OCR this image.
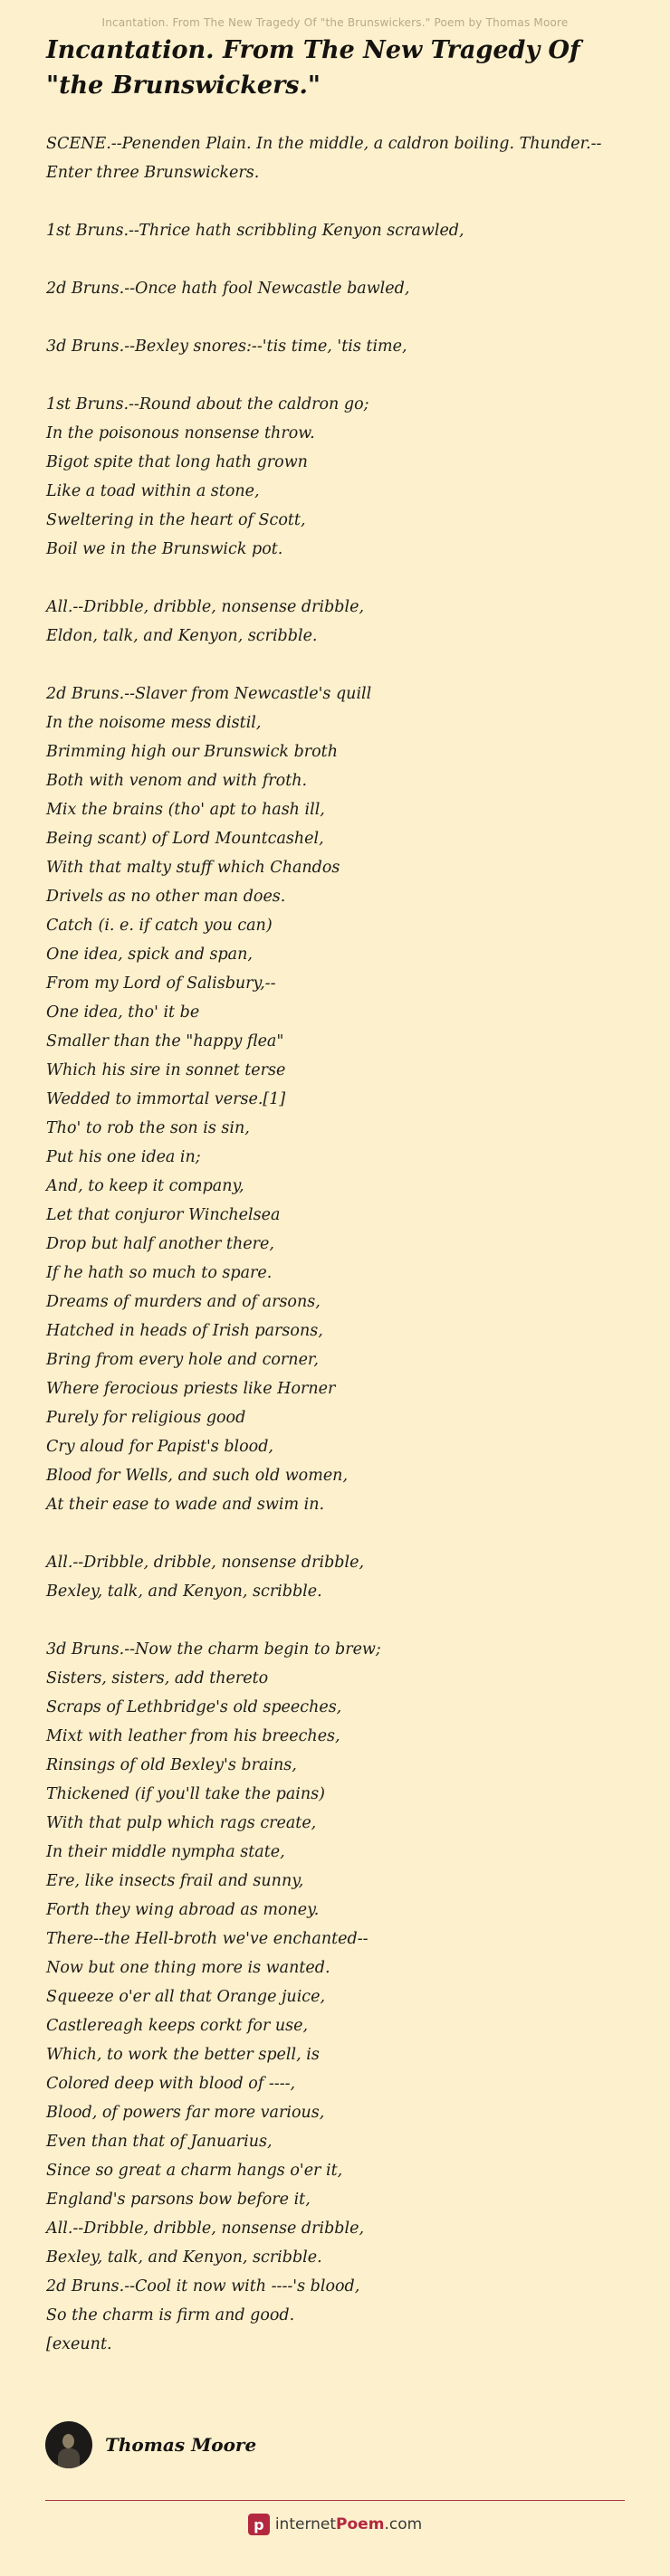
Incantation. From The New Tragedy Of "the Brunswickers." Poem by Thomas Moore
Incantation. From The New Tragedy Of "the Brunswickers."
SCENE.--Penenden Plain. In the middle, a caldron boiling. Thunder.--
Enter three Brunswickers.
1st Bruns.--Thrice hath scribbling Kenyon scrawled,
2d Bruns.--Once hath fool Newcastle bawled,
3d Bruns.--Bexley snores:--'tis time, 'tis time,
1st Bruns.--Round about the caldron go;
In the poisonous nonsense throw.
Bigot spite that long hath grown
Like a toad within a stone,
Sweltering in the heart of Scott,
Boil we in the Brunswick pot.
All.--Dribble, dribble, nonsense dribble,
Eldon, talk, and Kenyon, scribble.
2d Bruns.--Slaver from Newcastle's quill
In the noisome mess distil,
Brimming high our Brunswick broth
Both with venom and with froth.
Mix the brains (tho' apt to hash ill,
Being scant) of Lord Mountcashel,
With that malty stuff which Chandos
Drivels as no other man does.
Catch (i. e. if catch you can)
One idea, spick and span,
From my Lord of Salisbury,--
One idea, tho' it be
Smaller than the "happy flea"
Which his sire in sonnet terse
Wedded to immortal verse.[1]
Tho' to rob the son is sin,
Put his one idea in;
And, to keep it company,
Let that conjuror Winchelsea
Drop but half another there,
If he hath so much to spare.
Dreams of murders and of arsons,
Hatched in heads of Irish parsons,
Bring from every hole and corner,
Where ferocious priests like Horner
Purely for religious good
Cry aloud for Papist's blood,
Blood for Wells, and such old women,
At their ease to wade and swim in.
All.--Dribble, dribble, nonsense dribble,
Bexley, talk, and Kenyon, scribble.
3d Bruns.--Now the charm begin to brew;
Sisters, sisters, add thereto
Scraps of Lethbridge's old speeches,
Mixt with leather from his breeches,
Rinsings of old Bexley's brains,
Thickened (if you'll take the pains)
With that pulp which rags create,
In their middle nympha state,
Ere, like insects frail and sunny,
Forth they wing abroad as money.
There--the Hell-broth we've enchanted--
Now but one thing more is wanted.
Squeeze o'er all that Orange juice,
Castlereagh keeps corkt for use,
Which, to work the better spell, is
Colored deep with blood of ----,
Blood, of powers far more various,
Even than that of Januarius,
Since so great a charm hangs o'er it,
England's parsons bow before it,
All.--Dribble, dribble, nonsense dribble,
Bexley, talk, and Kenyon, scribble.
2d Bruns.--Cool it now with ----'s blood,
So the charm is firm and good.
[exeunt.
Thomas Moore
p internetPoem.com
